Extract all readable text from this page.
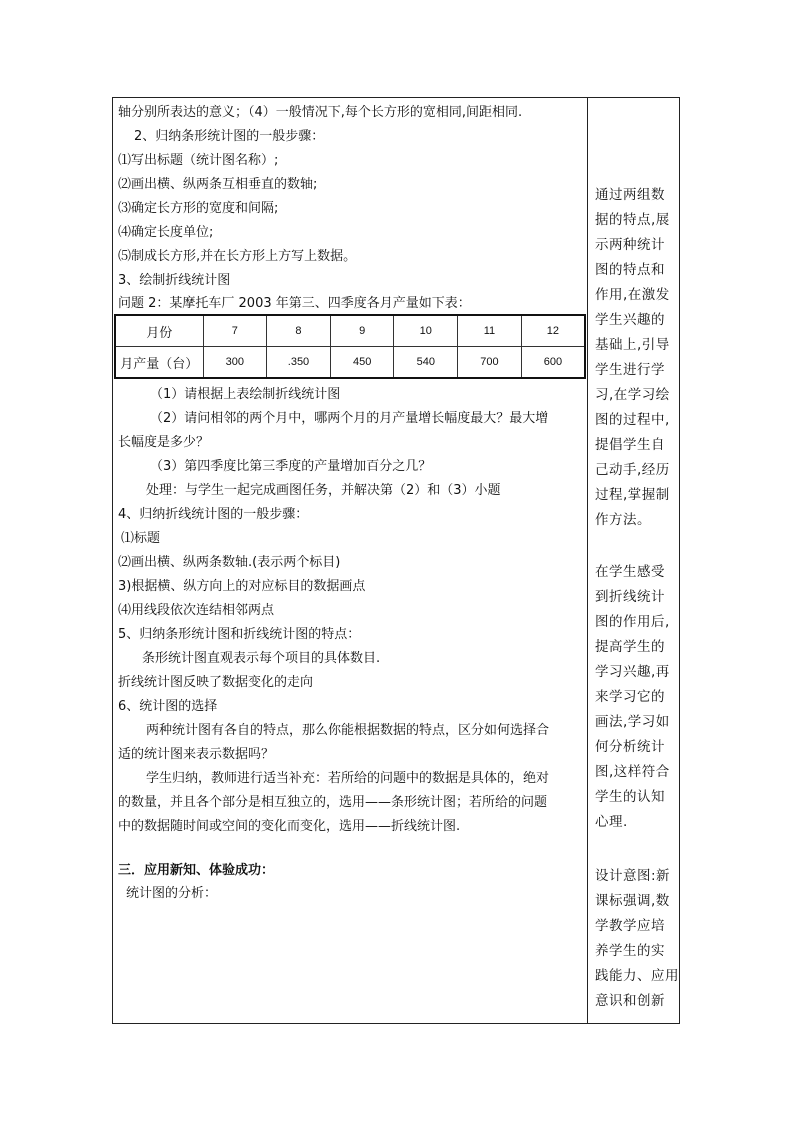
轴分别所表达的意义；（4）一般情况下,每个长方形的宽相同,间距相同.
2、归纳条形统计图的一般步骤：
⑴写出标题（统计图名称）;
⑵画出横、纵两条互相垂直的数轴;
⑶确定长方形的宽度和间隔;
⑷确定长度单位;
⑸制成长方形,并在长方形上方写上数据。
3、绘制折线统计图
问题 2：某摩托车厂 2003 年第三、四季度各月产量如下表：
（1）请根据上表绘制折线统计图
（2）请问相邻的两个月中，哪两个月的月产量增长幅度最大？最大增
长幅度是多少？
（3）第四季度比第三季度的产量增加百分之几？
处理：与学生一起完成画图任务，并解决第（2）和（3）小题
4、归纳折线统计图的一般步骤：
⑴标题
⑵画出横、纵两条数轴.(表示两个标目)
3)根据横、纵方向上的对应标目的数据画点
⑷用线段依次连结相邻两点
5、归纳条形统计图和折线统计图的特点：
条形统计图直观表示每个项目的具体数目.
折线统计图反映了数据变化的走向
6、统计图的选择
两种统计图有各自的特点，那么你能根据数据的特点，区分如何选择合
适的统计图来表示数据吗？
学生归纳，教师进行适当补充：若所给的问题中的数据是具体的，绝对
的数量，并且各个部分是相互独立的，选用——条形统计图；若所给的问题
中的数据随时间或空间的变化而变化，选用——折线统计图.
三．应用新知、体验成功：
统计图的分析：
月份	7	8	9	10	11	12
月产量（台）	300	.350	450	540	700	600
通过两组数
据的特点,展
示两种统计
图的特点和
作用,在激发
学生兴趣的
基础上,引导
学生进行学
习,在学习绘
图的过程中,
提倡学生自
己动手,经历
过程,掌握制
作方法。
在学生感受
到折线统计
图的作用后,
提高学生的
学习兴趣,再
来学习它的
画法,学习如
何分析统计
图,这样符合
学生的认知
心理.
设计意图:新
课标强调,数
学教学应培
养学生的实
践能力、应用
意识和创新
